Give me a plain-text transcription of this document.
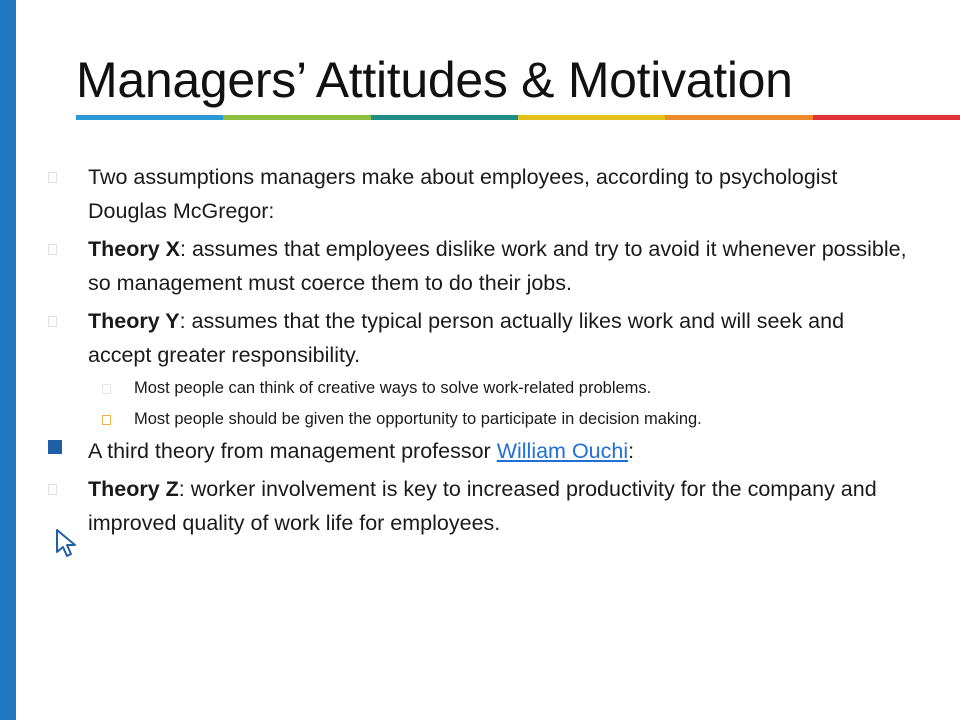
Managers’ Attitudes & Motivation
Two assumptions managers make about employees, according to psychologist Douglas McGregor:
Theory X: assumes that employees dislike work and try to avoid it whenever possible, so management must coerce them to do their jobs.
Theory Y: assumes that the typical person actually likes work and will seek and accept greater responsibility.
Most people can think of creative ways to solve work-related problems.
Most people should be given the opportunity to participate in decision making.
A third theory from management professor William Ouchi:
Theory Z: worker involvement is key to increased productivity for the company and improved quality of work life for employees.
